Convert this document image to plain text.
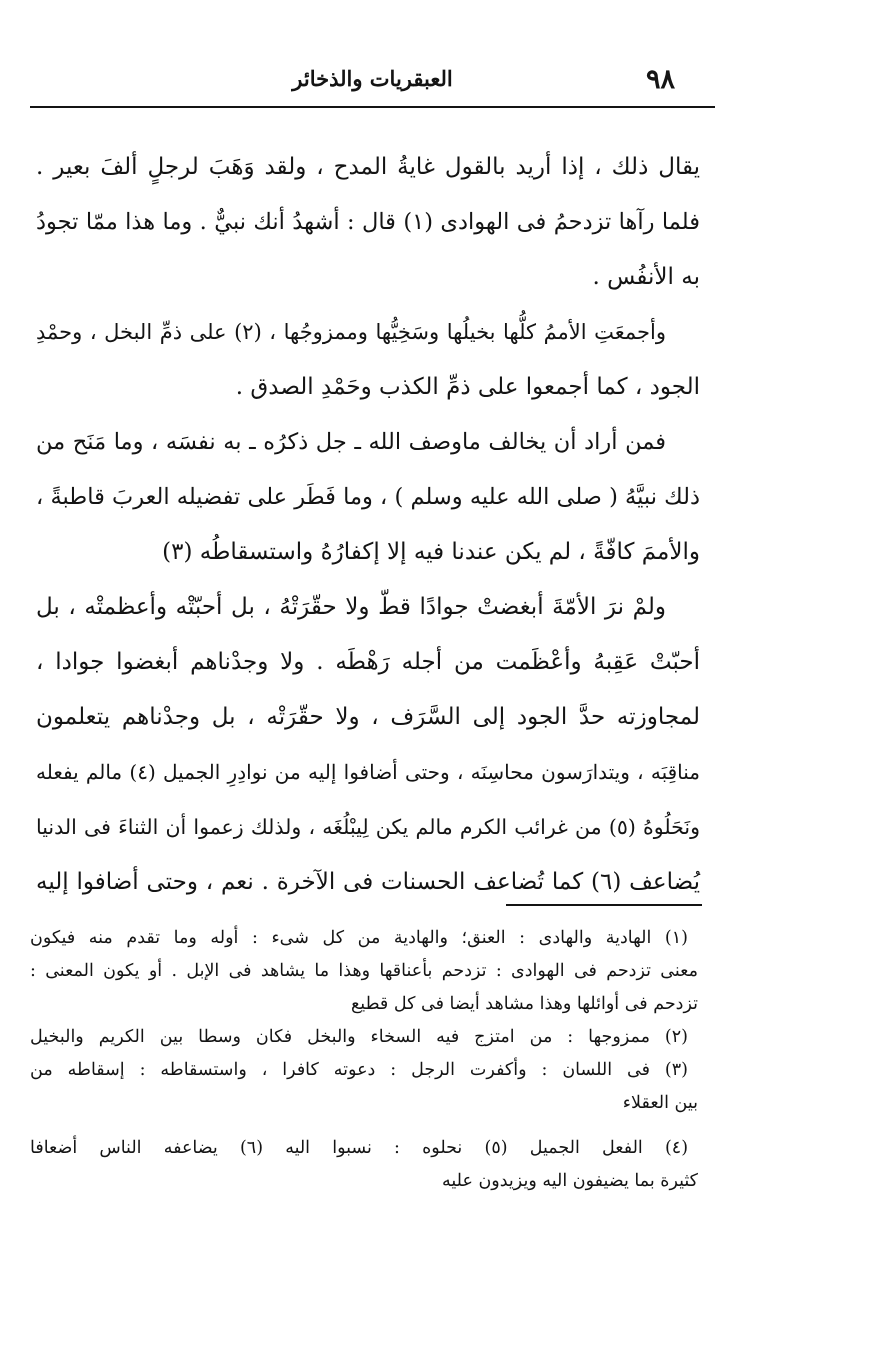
٩٨
العبقريات والذخائر
يقال ذلك ، إذا أريد بالقول غايةُ المدح ، ولقد وَهَبَ لرجلٍ ألفَ بعير .
فلما رآها تزدحمُ فى الهوادى (١) قال : أشهدُ أنك نبيٌّ . وما هذا ممّا تجودُ
به الأنفُس .
وأجمعَتِ الأممُ كلُّها بخيلُها وسَخِيُّها وممزوجُها ، (٢) على ذمِّ البخل ، وحمْدِ
الجود ، كما أجمعوا على ذمِّ الكذب وحَمْدِ الصدق .
فمن أراد أن يخالف ماوصف الله ـ جل ذكرُه ـ به نفسَه ، وما مَنَح من
ذلك نبيَّهُ ( صلى الله عليه وسلم ) ، وما فَطَر على تفضيله العربَ قاطبةً ،
والأممَ كافّةً ، لم يكن عندنا فيه إلا إكفارُهُ واستسقاطُه (٣)
ولمْ نرَ الأمّةَ أبغضتْ جوادًا قطّ ولا حقّرَتْهُ ، بل أحبّتْه وأعظمتْه ، بل
أحبّتْ عَقِبهُ وأعْظَمت من أجله رَهْطَه . ولا وجدْناهم أبغضوا جوادا ،
لمجاوزته حدَّ الجود إلى السَّرَف ، ولا حقّرَتْه ، بل وجدْناهم يتعلمون
مناقِبَه ، ويتدارَسون محاسِنَه ، وحتى أضافوا إليه من نوادِرِ الجميل (٤) مالم يفعله
ونَحَلُوهُ (٥) من غرائب الكرم مالم يكن لِيبْلُغَه ، ولذلك زعموا أن الثناءَ فى الدنيا
يُضاعف (٦) كما تُضاعف الحسنات فى الآخرة . نعم ، وحتى أضافوا إليه
(١) الهادية والهادى : العنق؛ والهادية من كل شىء : أوله وما تقدم منه فيكون
معنى تزدحم فى الهوادى : تزدحم بأعناقها وهذا ما يشاهد فى الإبل . أو يكون المعنى :
تزدحم فى أوائلها وهذا مشاهد أيضا فى كل قطيع
(٢) ممزوجها : من امتزج فيه السخاء والبخل فكان وسطا بين الكريم والبخيل
(٣) فى اللسان : وأكفرت الرجل : دعوته كافرا ، واستسقاطه : إسقاطه من
بين العقلاء
(٤) الفعل الجميل (٥) نحلوه : نسبوا اليه (٦) يضاعفه الناس أضعافا
كثيرة بما يضيفون اليه ويزيدون عليه
